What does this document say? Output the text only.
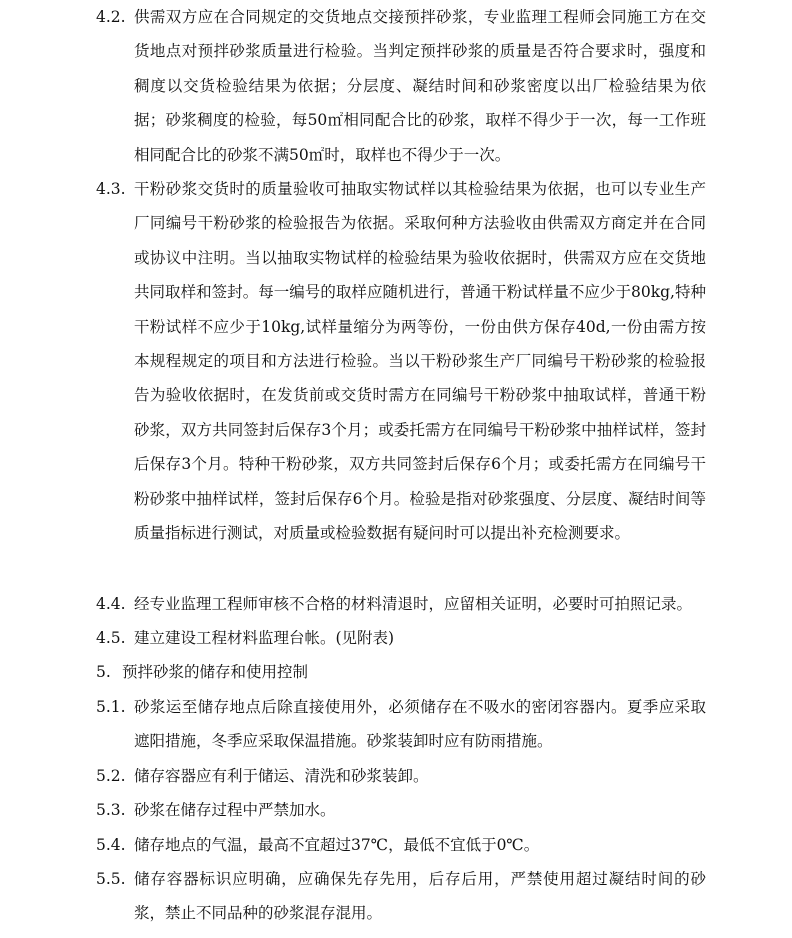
4.2. 供需双方应在合同规定的交货地点交接预拌砂浆，专业监理工程师会同施工方在交货地点对预拌砂浆质量进行检验。当判定预拌砂浆的质量是否符合要求时，强度和稠度以交货检验结果为依据；分层度、凝结时间和砂浆密度以出厂检验结果为依据；砂浆稠度的检验，每50㎡相同配合比的砂浆，取样不得少于一次，每一工作班相同配合比的砂浆不满50㎡时，取样也不得少于一次。
4.3. 干粉砂浆交货时的质量验收可抽取实物试样以其检验结果为依据，也可以专业生产厂同编号干粉砂浆的检验报告为依据。采取何种方法验收由供需双方商定并在合同或协议中注明。当以抽取实物试样的检验结果为验收依据时，供需双方应在交货地共同取样和签封。每一编号的取样应随机进行，普通干粉试样量不应少于80kg,特种干粉试样不应少于10kg,试样量缩分为两等份，一份由供方保存40d,一份由需方按本规程规定的项目和方法进行检验。当以干粉砂浆生产厂同编号干粉砂浆的检验报告为验收依据时，在发货前或交货时需方在同编号干粉砂浆中抽取试样，普通干粉砂浆，双方共同签封后保存3个月；或委托需方在同编号干粉砂浆中抽样试样，签封后保存3个月。特种干粉砂浆，双方共同签封后保存6个月；或委托需方在同编号干粉砂浆中抽样试样，签封后保存6个月。检验是指对砂浆强度、分层度、凝结时间等质量指标进行测试，对质量或检验数据有疑问时可以提出补充检测要求。
4.4. 经专业监理工程师审核不合格的材料清退时，应留相关证明，必要时可拍照记录。
4.5. 建立建设工程材料监理台帐。(见附表)
5. 预拌砂浆的储存和使用控制
5.1. 砂浆运至储存地点后除直接使用外，必须储存在不吸水的密闭容器内。夏季应采取遮阳措施，冬季应采取保温措施。砂浆装卸时应有防雨措施。
5.2. 储存容器应有利于储运、清洗和砂浆装卸。
5.3. 砂浆在储存过程中严禁加水。
5.4. 储存地点的气温，最高不宜超过37℃，最低不宜低于0℃。
5.5. 储存容器标识应明确，应确保先存先用，后存后用，严禁使用超过凝结时间的砂浆，禁止不同品种的砂浆混存混用。
